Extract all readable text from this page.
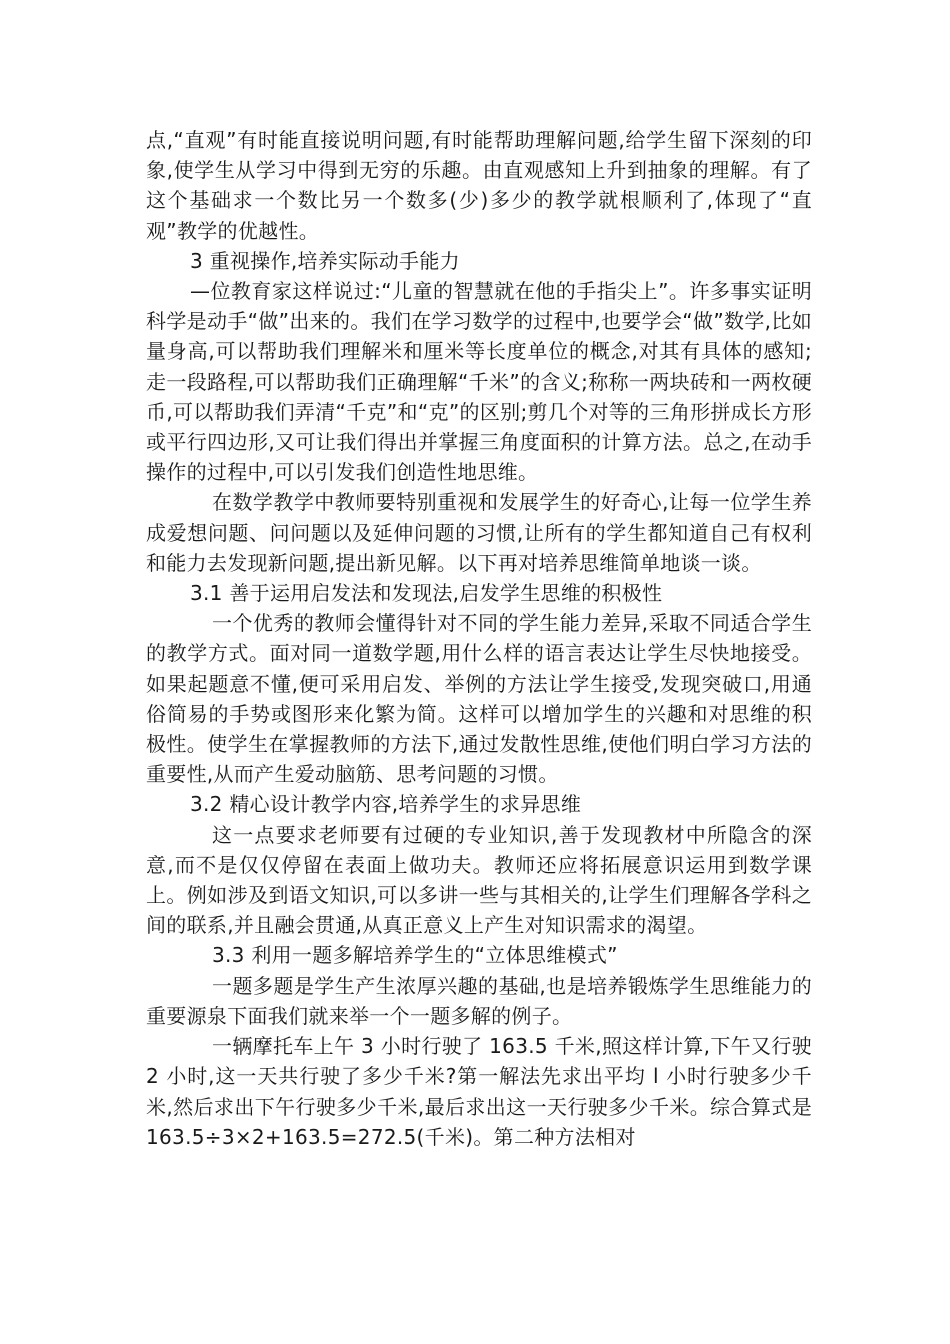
点,“直观”有时能直接说明问题,有时能帮助理解问题,给学生留下深刻的印象,使学生从学习中得到无穷的乐趣。由直观感知上升到抽象的理解。有了这个基础求一个数比另一个数多(少)多少的教学就根顺利了,体现了“直观”教学的优越性。

3 重视操作,培养实际动手能力

—位教育家这样说过:“儿童的智慧就在他的手指尖上”。许多事实证明科学是动手“做”出来的。我们在学习数学的过程中,也要学会“做”数学,比如量身高,可以帮助我们理解米和厘米等长度单位的概念,对其有具体的感知;走一段路程,可以帮助我们正确理解“千米”的含义;称称一两块砖和一两枚硬币,可以帮助我们弄清“千克”和“克”的区别;剪几个对等的三角形拼成长方形或平行四边形,又可让我们得出并掌握三角度面积的计算方法。总之,在动手操作的过程中,可以引发我们创造性地思维。

在数学教学中教师要特别重视和发展学生的好奇心,让每一位学生养成爱想问题、问问题以及延伸问题的习惯,让所有的学生都知道自己有权利和能力去发现新问题,提出新见解。以下再对培养思维简单地谈一谈。

3.1 善于运用启发法和发现法,启发学生思维的积极性

一个优秀的教师会懂得针对不同的学生能力差异,采取不同适合学生的教学方式。面对同一道数学题,用什么样的语言表达让学生尽快地接受。如果起题意不懂,便可采用启发、举例的方法让学生接受,发现突破口,用通俗简易的手势或图形来化繁为简。这样可以增加学生的兴趣和对思维的积极性。使学生在掌握教师的方法下,通过发散性思维,使他们明白学习方法的重要性,从而产生爱动脑筋、思考问题的习惯。

3.2 精心设计教学内容,培养学生的求异思维

这一点要求老师要有过硬的专业知识,善于发现教材中所隐含的深意,而不是仅仅停留在表面上做功夫。教师还应将拓展意识运用到数学课上。例如涉及到语文知识,可以多讲一些与其相关的,让学生们理解各学科之间的联系,并且融会贯通,从真正意义上产生对知识需求的渴望。

3.3 利用一题多解培养学生的“立体思维模式”

一题多题是学生产生浓厚兴趣的基础,也是培养锻炼学生思维能力的重要源泉下面我们就来举一个一题多解的例子。

一辆摩托车上午 3 小时行驶了 163.5 千米,照这样计算,下午又行驶 2 小时,这一天共行驶了多少千米?第一解法先求出平均 l 小时行驶多少千米,然后求出下午行驶多少千米,最后求出这一天行驶多少千米。综合算式是 163.5÷3×2+163.5=272.5(千米)。第二种方法相对
